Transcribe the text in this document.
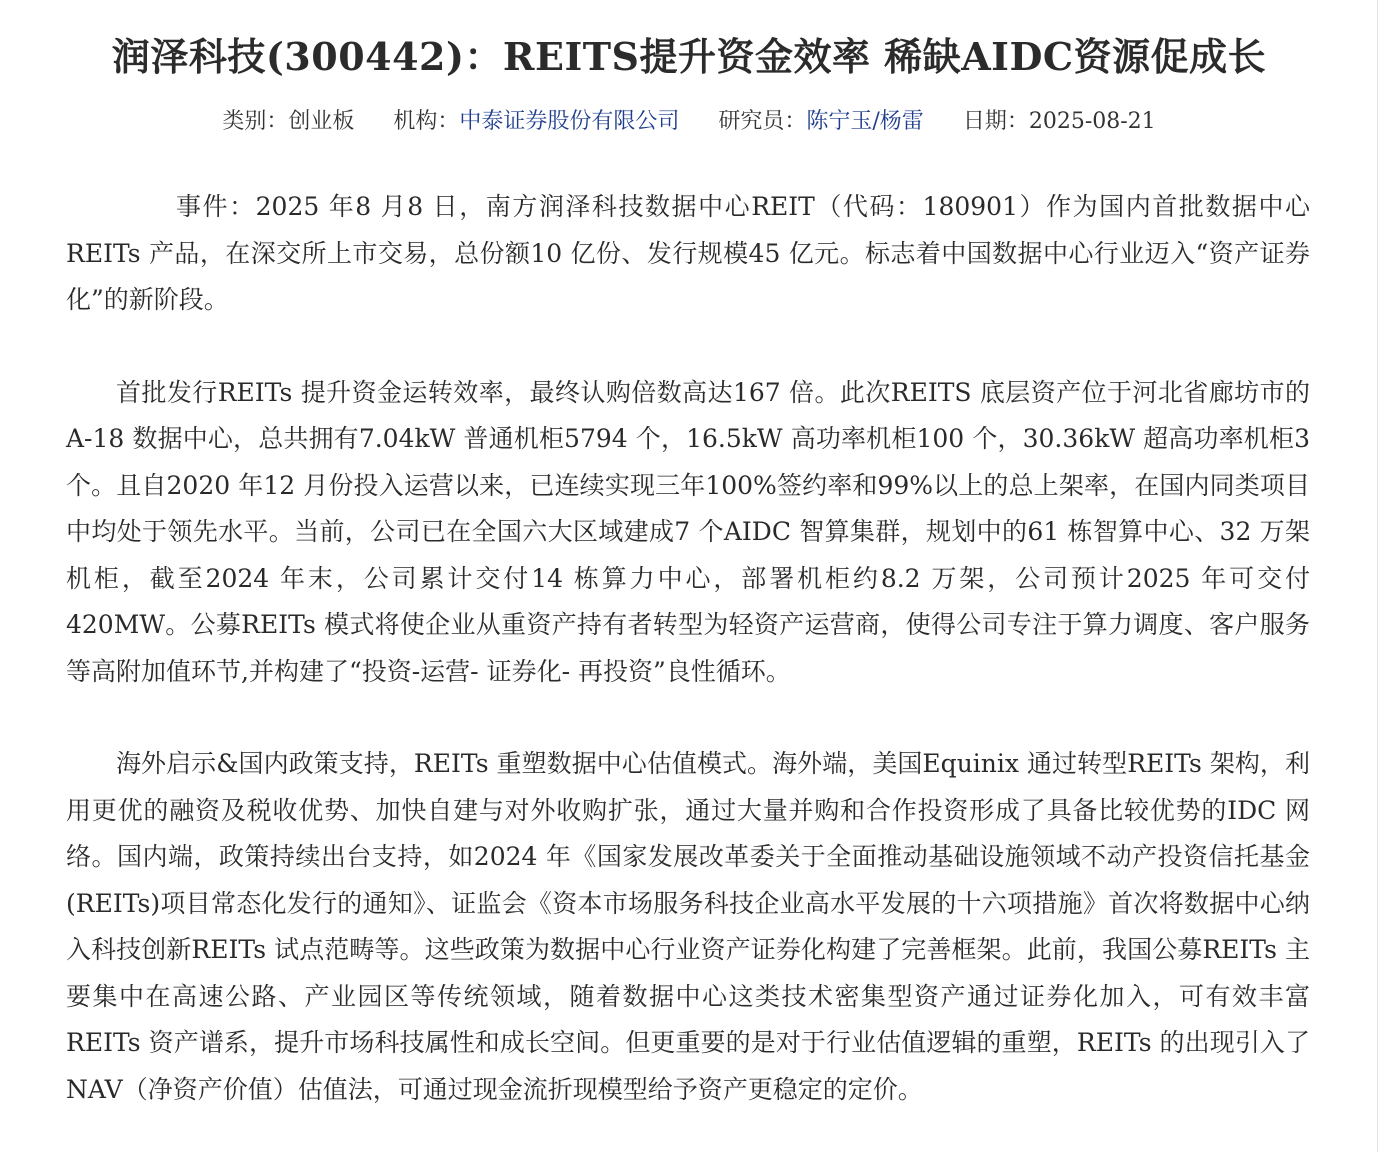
润泽科技(300442)：REITS提升资金效率 稀缺AIDC资源促成长
类别：创业板 机构：中泰证券股份有限公司 研究员：陈宁玉/杨雷 日期：2025-08-21

事件：2025 年8 月8 日，南方润泽科技数据中心REIT（代码：180901）作为国内首批数据中心REITs 产品，在深交所上市交易，总份额10 亿份、发行规模45 亿元。标志着中国数据中心行业迈入“资产证券化”的新阶段。

首批发行REITs 提升资金运转效率，最终认购倍数高达167 倍。此次REITS 底层资产位于河北省廊坊市的A-18 数据中心，总共拥有7.04kW 普通机柜5794 个，16.5kW 高功率机柜100 个，30.36kW 超高功率机柜3 个。且自2020 年12 月份投入运营以来，已连续实现三年100%签约率和99%以上的总上架率，在国内同类项目中均处于领先水平。当前，公司已在全国六大区域建成7 个AIDC 智算集群，规划中的61 栋智算中心、32 万架机柜，截至2024 年末，公司累计交付14 栋算力中心，部署机柜约8.2 万架，公司预计2025 年可交付420MW。公募REITs 模式将使企业从重资产持有者转型为轻资产运营商，使得公司专注于算力调度、客户服务等高附加值环节,并构建了“投资-运营- 证券化- 再投资”良性循环。

海外启示&国内政策支持，REITs 重塑数据中心估值模式。海外端，美国Equinix 通过转型REITs 架构，利用更优的融资及税收优势、加快自建与对外收购扩张，通过大量并购和合作投资形成了具备比较优势的IDC 网络。国内端，政策持续出台支持，如2024 年《国家发展改革委关于全面推动基础设施领域不动产投资信托基金(REITs)项目常态化发行的通知》、证监会《资本市场服务科技企业高水平发展的十六项措施》首次将数据中心纳入科技创新REITs 试点范畴等。这些政策为数据中心行业资产证券化构建了完善框架。此前，我国公募REITs 主要集中在高速公路、产业园区等传统领域，随着数据中心这类技术密集型资产通过证券化加入，可有效丰富REITs 资产谱系，提升市场科技属性和成长空间。但更重要的是对于行业估值逻辑的重塑，REITs 的出现引入了NAV（净资产价值）估值法，可通过现金流折现模型给予资产更稳定的定价。
